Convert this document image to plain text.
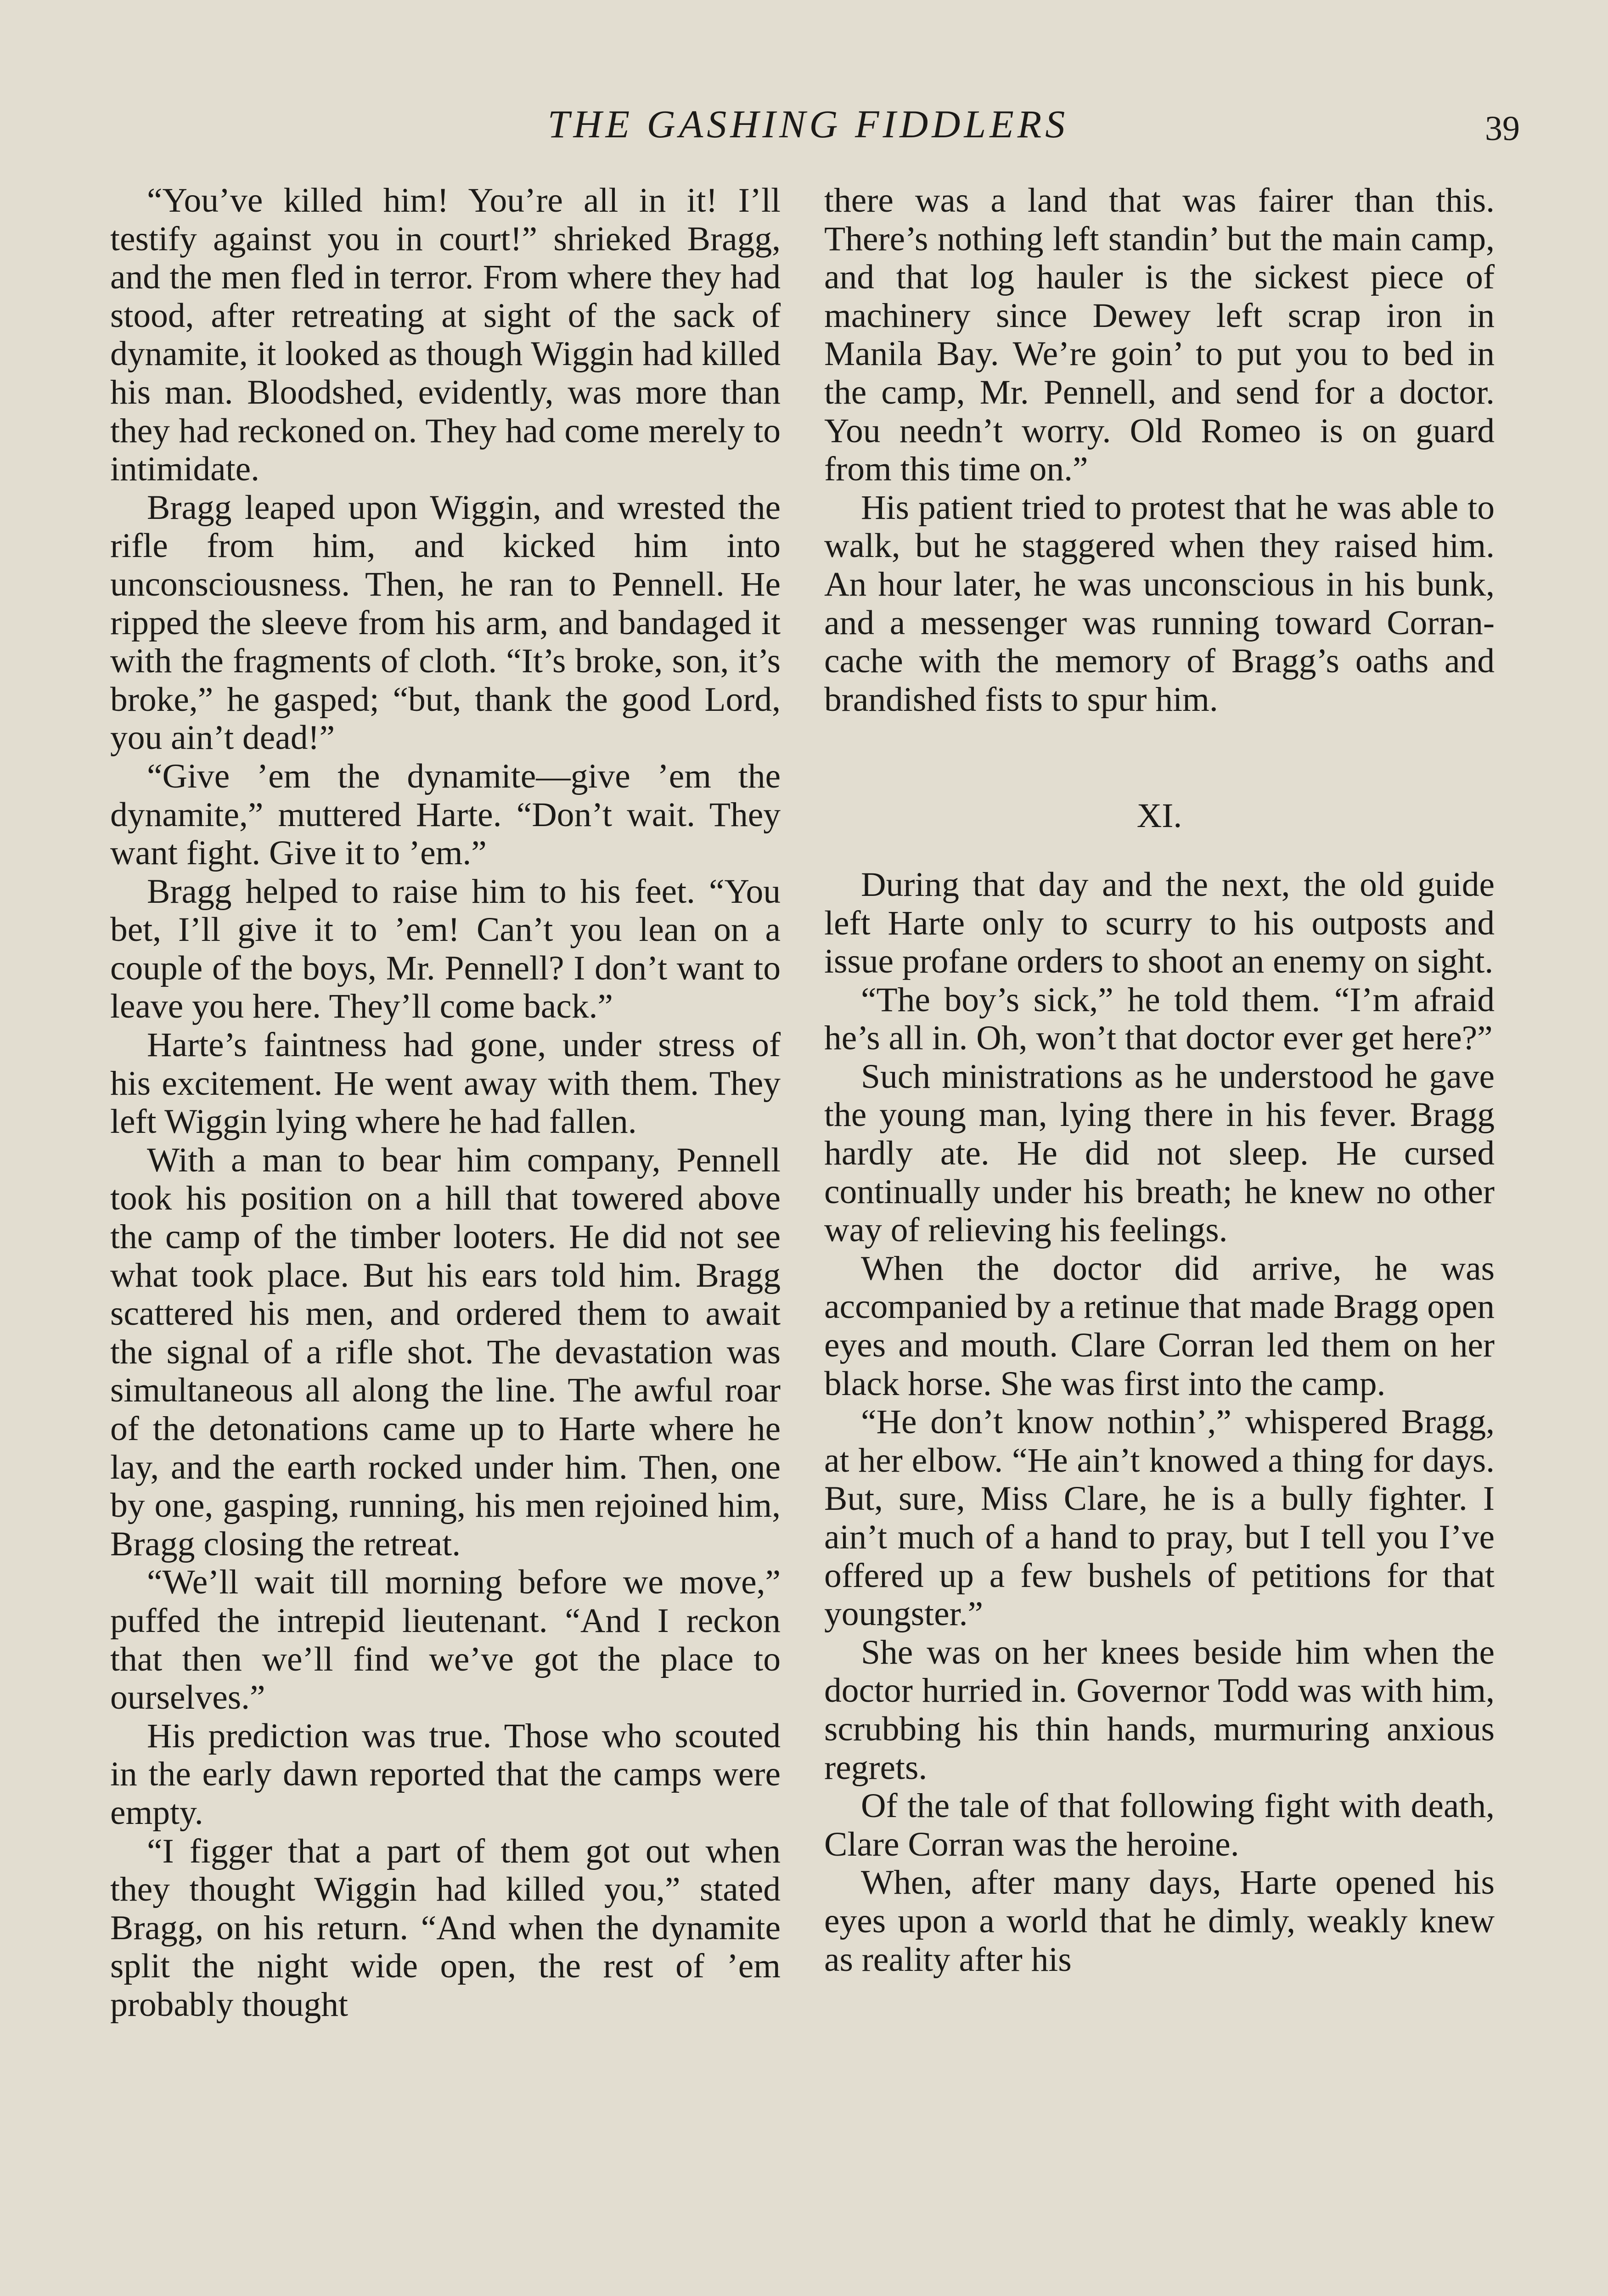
THE GASHING FIDDLERS	39

“You’ve killed him! You’re all in it! I’ll testify against you in court!” shrieked Bragg, and the men fled in terror. From where they had stood, after retreating at sight of the sack of dynamite, it looked as though Wiggin had killed his man. Bloodshed, evidently, was more than they had reckoned on. They had come merely to intimidate.

Bragg leaped upon Wiggin, and wrested the rifle from him, and kicked him into unconsciousness. Then, he ran to Pennell. He ripped the sleeve from his arm, and bandaged it with the fragments of cloth. “It’s broke, son, it’s broke,” he gasped; “but, thank the good Lord, you ain’t dead!”

“Give ’em the dynamite—give ’em the dynamite,” muttered Harte. “Don’t wait. They want fight. Give it to ’em.”

Bragg helped to raise him to his feet. “You bet, I’ll give it to ’em! Can’t you lean on a couple of the boys, Mr. Pennell? I don’t want to leave you here. They’ll come back.”

Harte’s faintness had gone, under stress of his excitement. He went away with them. They left Wiggin lying where he had fallen.

With a man to bear him company, Pennell took his position on a hill that towered above the camp of the timber looters. He did not see what took place. But his ears told him. Bragg scattered his men, and ordered them to await the signal of a rifle shot. The devastation was simultaneous all along the line. The awful roar of the detonations came up to Harte where he lay, and the earth rocked under him. Then, one by one, gasping, running, his men rejoined him, Bragg closing the retreat.

“We’ll wait till morning before we move,” puffed the intrepid lieutenant. “And I reckon that then we’ll find we’ve got the place to ourselves.”

His prediction was true. Those who scouted in the early dawn reported that the camps were empty.

“I figger that a part of them got out when they thought Wiggin had killed you,” stated Bragg, on his return. “And when the dynamite split the night wide open, the rest of ’em probably thought

there was a land that was fairer than this. There’s nothing left standin’ but the main camp, and that log hauler is the sickest piece of machinery since Dewey left scrap iron in Manila Bay. We’re goin’ to put you to bed in the camp, Mr. Pennell, and send for a doctor. You needn’t worry. Old Romeo is on guard from this time on.”

His patient tried to protest that he was able to walk, but he staggered when they raised him. An hour later, he was unconscious in his bunk, and a messenger was running toward Corran-cache with the memory of Bragg’s oaths and brandished fists to spur him.

XI.

During that day and the next, the old guide left Harte only to scurry to his outposts and issue profane orders to shoot an enemy on sight.

“The boy’s sick,” he told them. “I’m afraid he’s all in. Oh, won’t that doctor ever get here?”

Such ministrations as he understood he gave the young man, lying there in his fever. Bragg hardly ate. He did not sleep. He cursed continually under his breath; he knew no other way of relieving his feelings.

When the doctor did arrive, he was accompanied by a retinue that made Bragg open eyes and mouth. Clare Corran led them on her black horse. She was first into the camp.

“He don’t know nothin’,” whispered Bragg, at her elbow. “He ain’t knowed a thing for days. But, sure, Miss Clare, he is a bully fighter. I ain’t much of a hand to pray, but I tell you I’ve offered up a few bushels of petitions for that youngster.”

She was on her knees beside him when the doctor hurried in. Governor Todd was with him, scrubbing his thin hands, murmuring anxious regrets.

Of the tale of that following fight with death, Clare Corran was the heroine.

When, after many days, Harte opened his eyes upon a world that he dimly, weakly knew as reality after his
